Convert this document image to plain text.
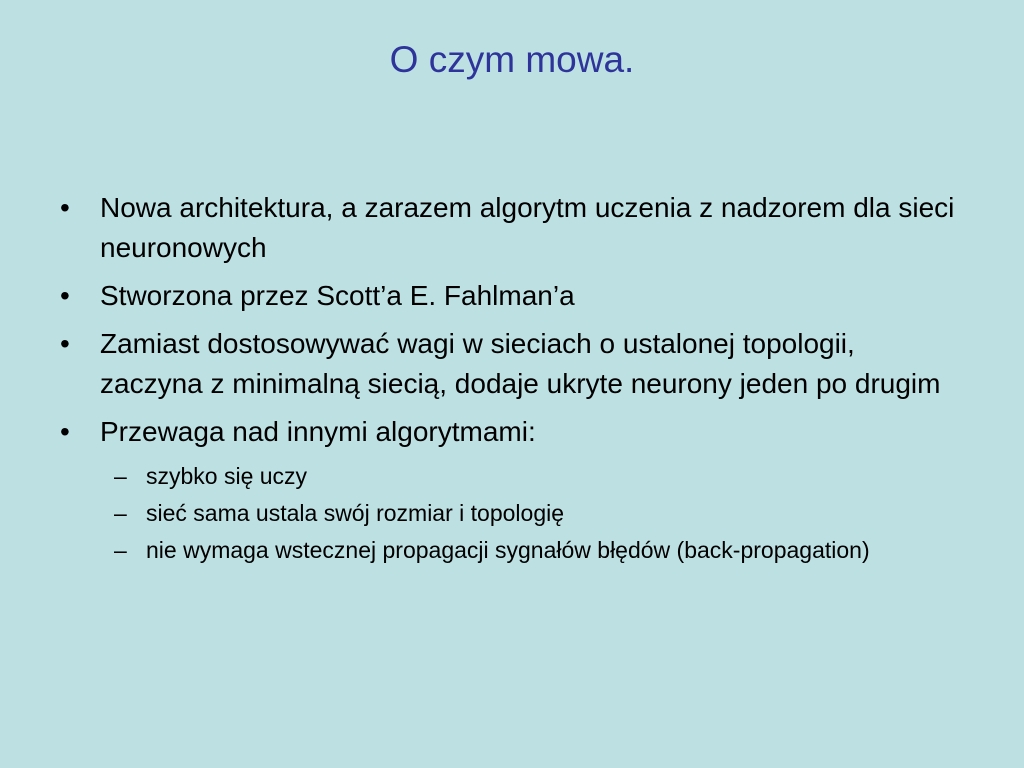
O czym mowa.
•	Nowa architektura, a zarazem algorytm uczenia z nadzorem dla sieci neuronowych
•	Stworzona przez Scott’a E. Fahlman’a
•	Zamiast dostosowywać wagi w sieciach o ustalonej topologii, zaczyna z minimalną siecią, dodaje ukryte neurony jeden po drugim
•	Przewaga nad innymi algorytmami:
– szybko się uczy
– sieć sama ustala swój rozmiar i topologię
– nie wymaga wstecznej propagacji sygnałów błędów (back-propagation)
